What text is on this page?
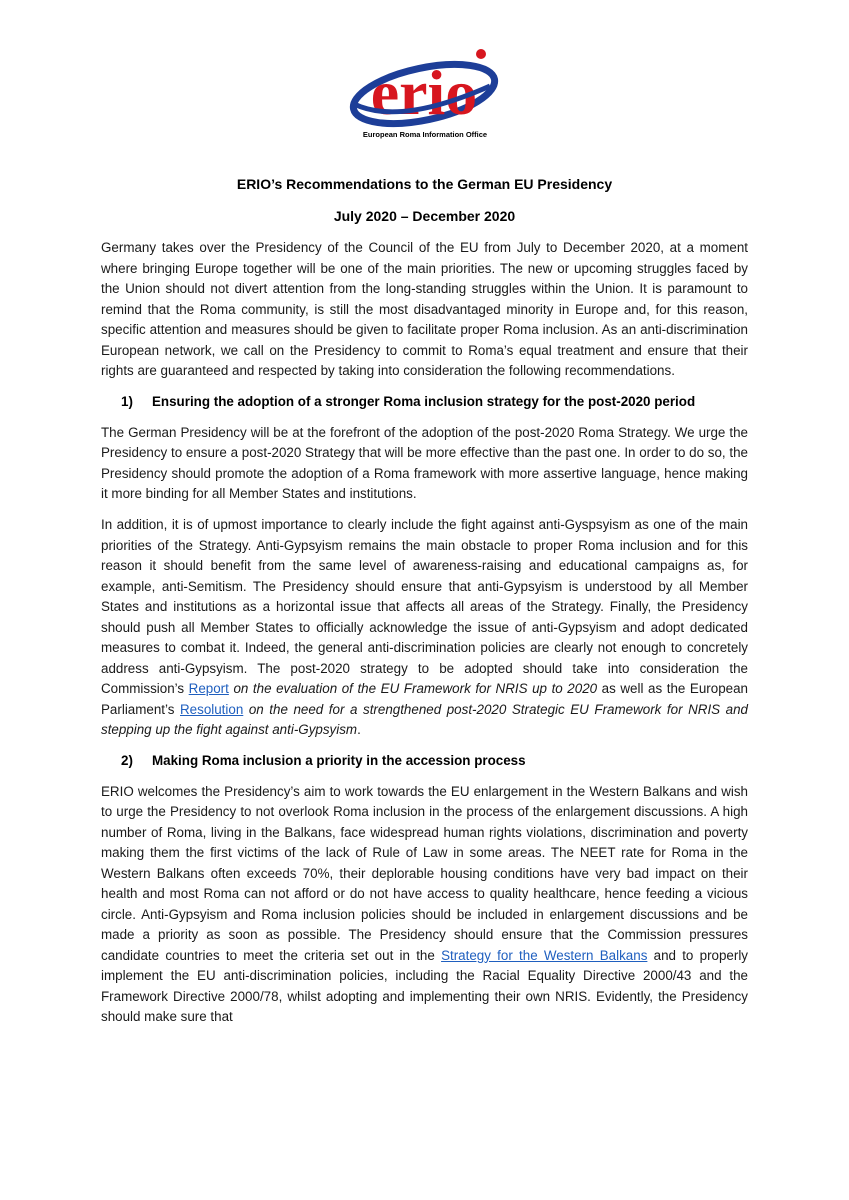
erio
European Roma Information Office
ERIO’s Recommendations to the German EU Presidency
July 2020 – December 2020

Germany takes over the Presidency of the Council of the EU from July to December 2020, at a moment where bringing Europe together will be one of the main priorities. The new or upcoming struggles faced by the Union should not divert attention from the long-standing struggles within the Union. It is paramount to remind that the Roma community, is still the most disadvantaged minority in Europe and, for this reason, specific attention and measures should be given to facilitate proper Roma inclusion. As an anti-discrimination European network, we call on the Presidency to commit to Roma’s equal treatment and ensure that their rights are guaranteed and respected by taking into consideration the following recommendations.

1) Ensuring the adoption of a stronger Roma inclusion strategy for the post-2020 period

The German Presidency will be at the forefront of the adoption of the post-2020 Roma Strategy. We urge the Presidency to ensure a post-2020 Strategy that will be more effective than the past one. In order to do so, the Presidency should promote the adoption of a Roma framework with more assertive language, hence making it more binding for all Member States and institutions.

In addition, it is of upmost importance to clearly include the fight against anti-Gyspsyism as one of the main priorities of the Strategy. Anti-Gypsyism remains the main obstacle to proper Roma inclusion and for this reason it should benefit from the same level of awareness-raising and educational campaigns as, for example, anti-Semitism. The Presidency should ensure that anti-Gypsyism is understood by all Member States and institutions as a horizontal issue that affects all areas of the Strategy. Finally, the Presidency should push all Member States to officially acknowledge the issue of anti-Gypsyism and adopt dedicated measures to combat it. Indeed, the general anti-discrimination policies are clearly not enough to concretely address anti-Gypsyism. The post-2020 strategy to be adopted should take into consideration the Commission’s Report on the evaluation of the EU Framework for NRIS up to 2020 as well as the European Parliament’s Resolution on the need for a strengthened post-2020 Strategic EU Framework for NRIS and stepping up the fight against anti-Gypsyism.

2) Making Roma inclusion a priority in the accession process

ERIO welcomes the Presidency’s aim to work towards the EU enlargement in the Western Balkans and wish to urge the Presidency to not overlook Roma inclusion in the process of the enlargement discussions. A high number of Roma, living in the Balkans, face widespread human rights violations, discrimination and poverty making them the first victims of the lack of Rule of Law in some areas. The NEET rate for Roma in the Western Balkans often exceeds 70%, their deplorable housing conditions have very bad impact on their health and most Roma can not afford or do not have access to quality healthcare, hence feeding a vicious circle. Anti-Gypsyism and Roma inclusion policies should be included in enlargement discussions and be made a priority as soon as possible. The Presidency should ensure that the Commission pressures candidate countries to meet the criteria set out in the Strategy for the Western Balkans and to properly implement the EU anti-discrimination policies, including the Racial Equality Directive 2000/43 and the Framework Directive 2000/78, whilst adopting and implementing their own NRIS. Evidently, the Presidency should make sure that
